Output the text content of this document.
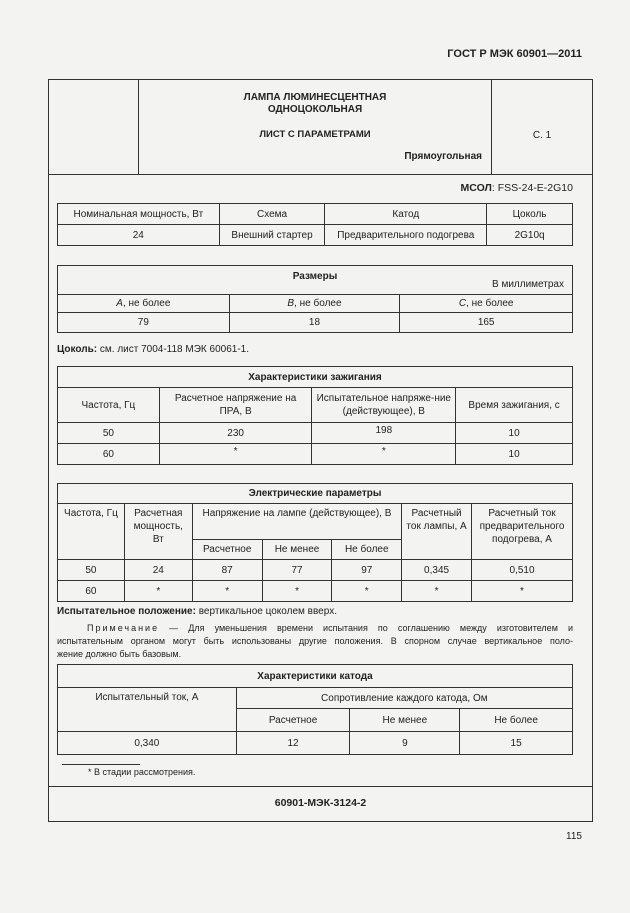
ГОСТ Р МЭК 60901—2011
ЛАМПА ЛЮМИНЕСЦЕНТНАЯ
ОДНОЦОКОЛЬНАЯ
ЛИСТ С ПАРАМЕТРАМИ
Прямоугольная
С. 1
МСОЛ: FSS-24-E-2G10
Номинальная мощность, Вт	Схема	Катод	Цоколь
24	Внешний стартер	Предварительного подогрева	2G10q
Размеры
В миллиметрах		

A, не более	B, не более	C, не более
79	18	165
Цоколь: см. лист 7004-118 МЭК 60061-1.
Характеристики зажигания			
Частота, Гц	Расчетное напряжение на ПРА, В	Испытательное напряже-ние (действующее), В	Время зажигания, с
50	230	198	10
60	*	*	10
Электрические параметры						
Частота, Гц	Расчетная мощность, Вт	Напряжение на лампе (действующее), В			Расчетный ток лампы, А	Расчетный ток предварительного подогрева, А
		Расчетное	Не менее	Не более		
50	24	87	77	97	0,345	0,510
60	*	*	*	*	*	*
Испытательное положение: вертикальное цоколем вверх.
Примечание — Для уменьшения времени испытания по соглашению между изготовителем и
испытательным органом могут быть использованы другие положения. В спорном случае вертикальное поло-
жение должно быть базовым.
Характеристики катода			
Испытательный ток, А	Сопротивление каждого катода, Ом		
	Расчетное	Не менее	Не более
0,340	12	9	15
* В стадии рассмотрения.
60901-МЭК-3124-2
115
